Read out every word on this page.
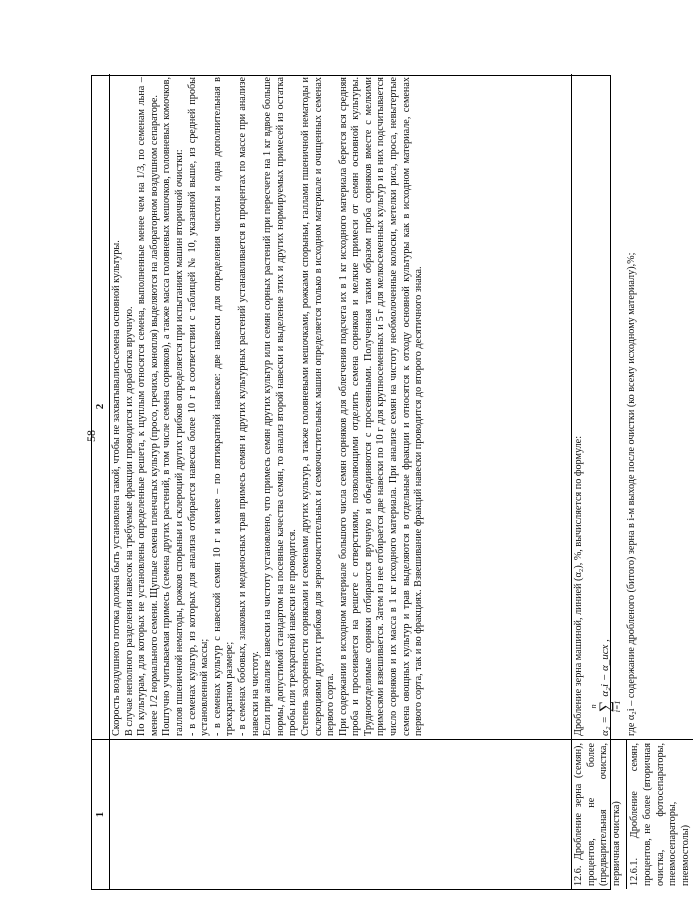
58
1
2 Скорость воздушного потока должна быть установлена такой, чтобы не захватывалисьсемена основной культуры. В случае неполного разделения навесок на требуемые фракции проводится их доработка вручную. По культурам, для которых не установлены определенные решета, к щуплым относятся семена, выполненные менее чем на 1/3, по семенам льна – менее 1/2 нормального семени. Щуплые семена пленчатых культур (просо, гречиха, конопля) выделяются на лабораторном воздушном сепараторе. Поштучно учитываемая примесь (семена других растений, в том числе семена сорняков), а также масса головневых мешочков, головневых комочков, галлов пшеничной нематоды, рожков спорыньи и склероций других грибков определяется при испытаниях машин вторичной очистки: - в семенах культур, из которых для анализа отбирается навеска более 10 г в соответствии с таблицей № 10, указанной выше, из средней пробы установленной массы; - в семенах культур с навеской семян 10 г и менее – по пятикратной навеске: две навески для определения чистоты и одна дополнительная в трехкратном размере; - в семенах бобовых, злаковых и медоносных трав примесь семян и других культурных растений устанавливается в процентах по массе при анализе навески на чистоту. Если при анализе навески на чистоту установлено, что примесь семян других культур или семян сорных растений при пересчете на 1 кг вдвое больше нормы, допустимой стандартом на посевные качества семян, то анализ второй навески и выделение этих и других нормируемых примесей из остатка пробы или трехкратной навески не проводится. Степень засоренности сорняками и семенами других культур, а также головневыми мешочками, рожками спорыньи, галлами пшеничной нематоды и склероциями других грибков для зерноочистительных и семяочистительных машин определяется только в исходном материале и очищенных семенах первого сорта. При содержании в исходном материале большого числа семян сорняков для облегчения подсчета их в 1 кг исходного материала берется вся средняя проба и просеивается на решете с отверстиями, позволяющими отделить семена сорняков и мелкие примеси от семян основной культуры. Трудноотделимые сорняки отбираются вручную и объединяются с просеянными. Полученная таким образом проба сорняков вместе с мелкими примесями взвешивается. Затем из нее отбирается две навески по 10 г для крупносеменных и 5 г для мелкосеменных культур и в них подсчитывается число сорняков и их масса в 1 кг исходного материала. При анализе семян на чистоту необмолоченные колоски, метелки риса, проса, невытертые семена овощных культур и трав выделяются в отдельные фракции и относятся к отходу основной культуры как в исходном материале, семенах первого сорта, так и во фракциях. Взвешивание фракций навески проводится до второго десятичного знака.

12.6. Дробление зерна (семян), процентов, не более (предварительная очистка, первичная очистка) 12.6.1. Дробление семян, процентов, не более (вторичная очистка, фотосепараторы, пневмосепараторы, пневмостолы)

Дробление зерна машиной, линией (α₂), %, вычисляется по формуле: α₂ =
n ∑ i=1
α₂i − α_исх , где α₂i – содержание дробленого (битого) зерна в i-м выходе после очистки (ко всему исходному материалу),%;
